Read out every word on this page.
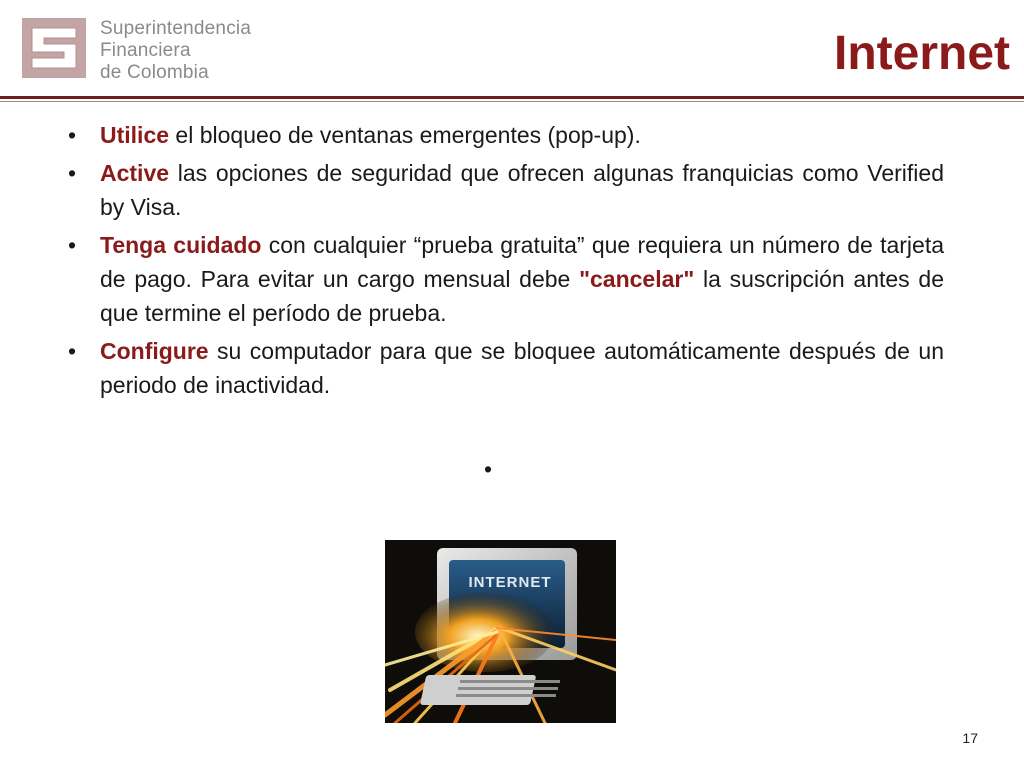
Superintendencia
Financiera
de Colombia	Internet
• Utilice el bloqueo de ventanas emergentes (pop-up).
• Active las opciones de seguridad que ofrecen algunas franquicias como Verified by Visa.
• Tenga cuidado con cualquier “prueba gratuita” que requiera un número de tarjeta de pago. Para evitar un cargo mensual debe "cancelar" la suscripción antes de que termine el período de prueba.
• Configure su computador para que se bloquee automáticamente después de un periodo de inactividad.
•
INTERNET
17
